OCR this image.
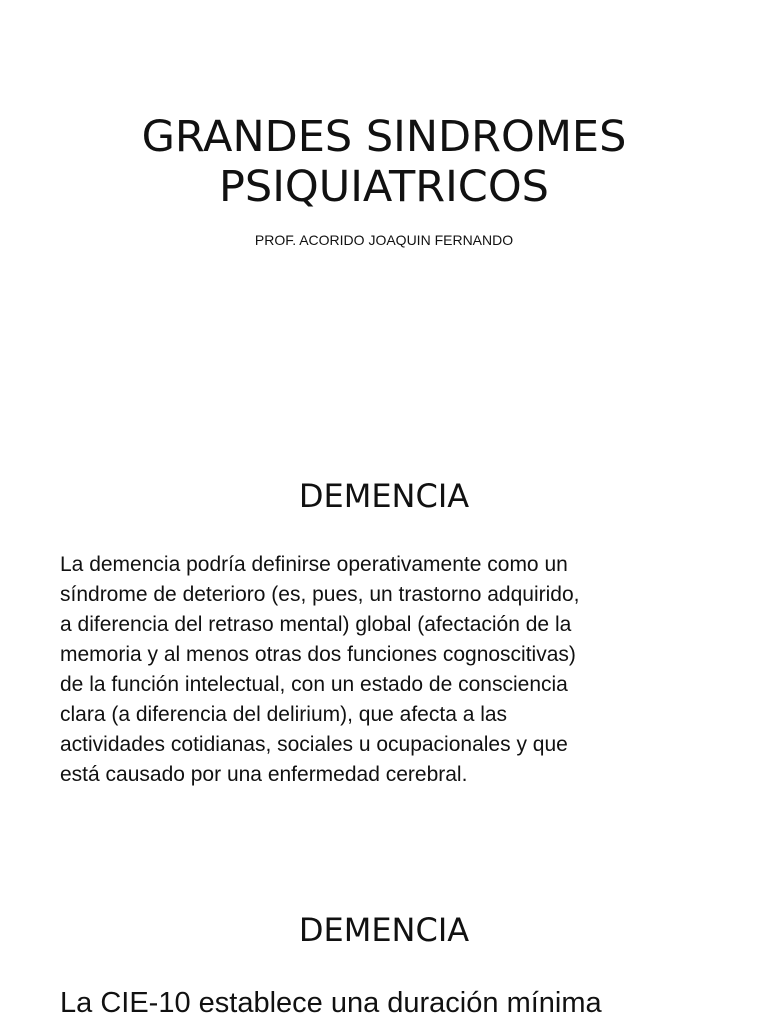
GRANDES SINDROMES
PSIQUIATRICOS

PROF. ACORIDO JOAQUIN FERNANDO

DEMENCIA

La demencia podría definirse operativamente como un
síndrome de deterioro (es, pues, un trastorno adquirido,
a diferencia del retraso mental) global (afectación de la
memoria y al menos otras dos funciones cognoscitivas)
de la función intelectual, con un estado de consciencia
clara (a diferencia del delirium), que afecta a las
actividades cotidianas, sociales u ocupacionales y que
está causado por una enfermedad cerebral.

DEMENCIA

La CIE-10 establece una duración mínima
